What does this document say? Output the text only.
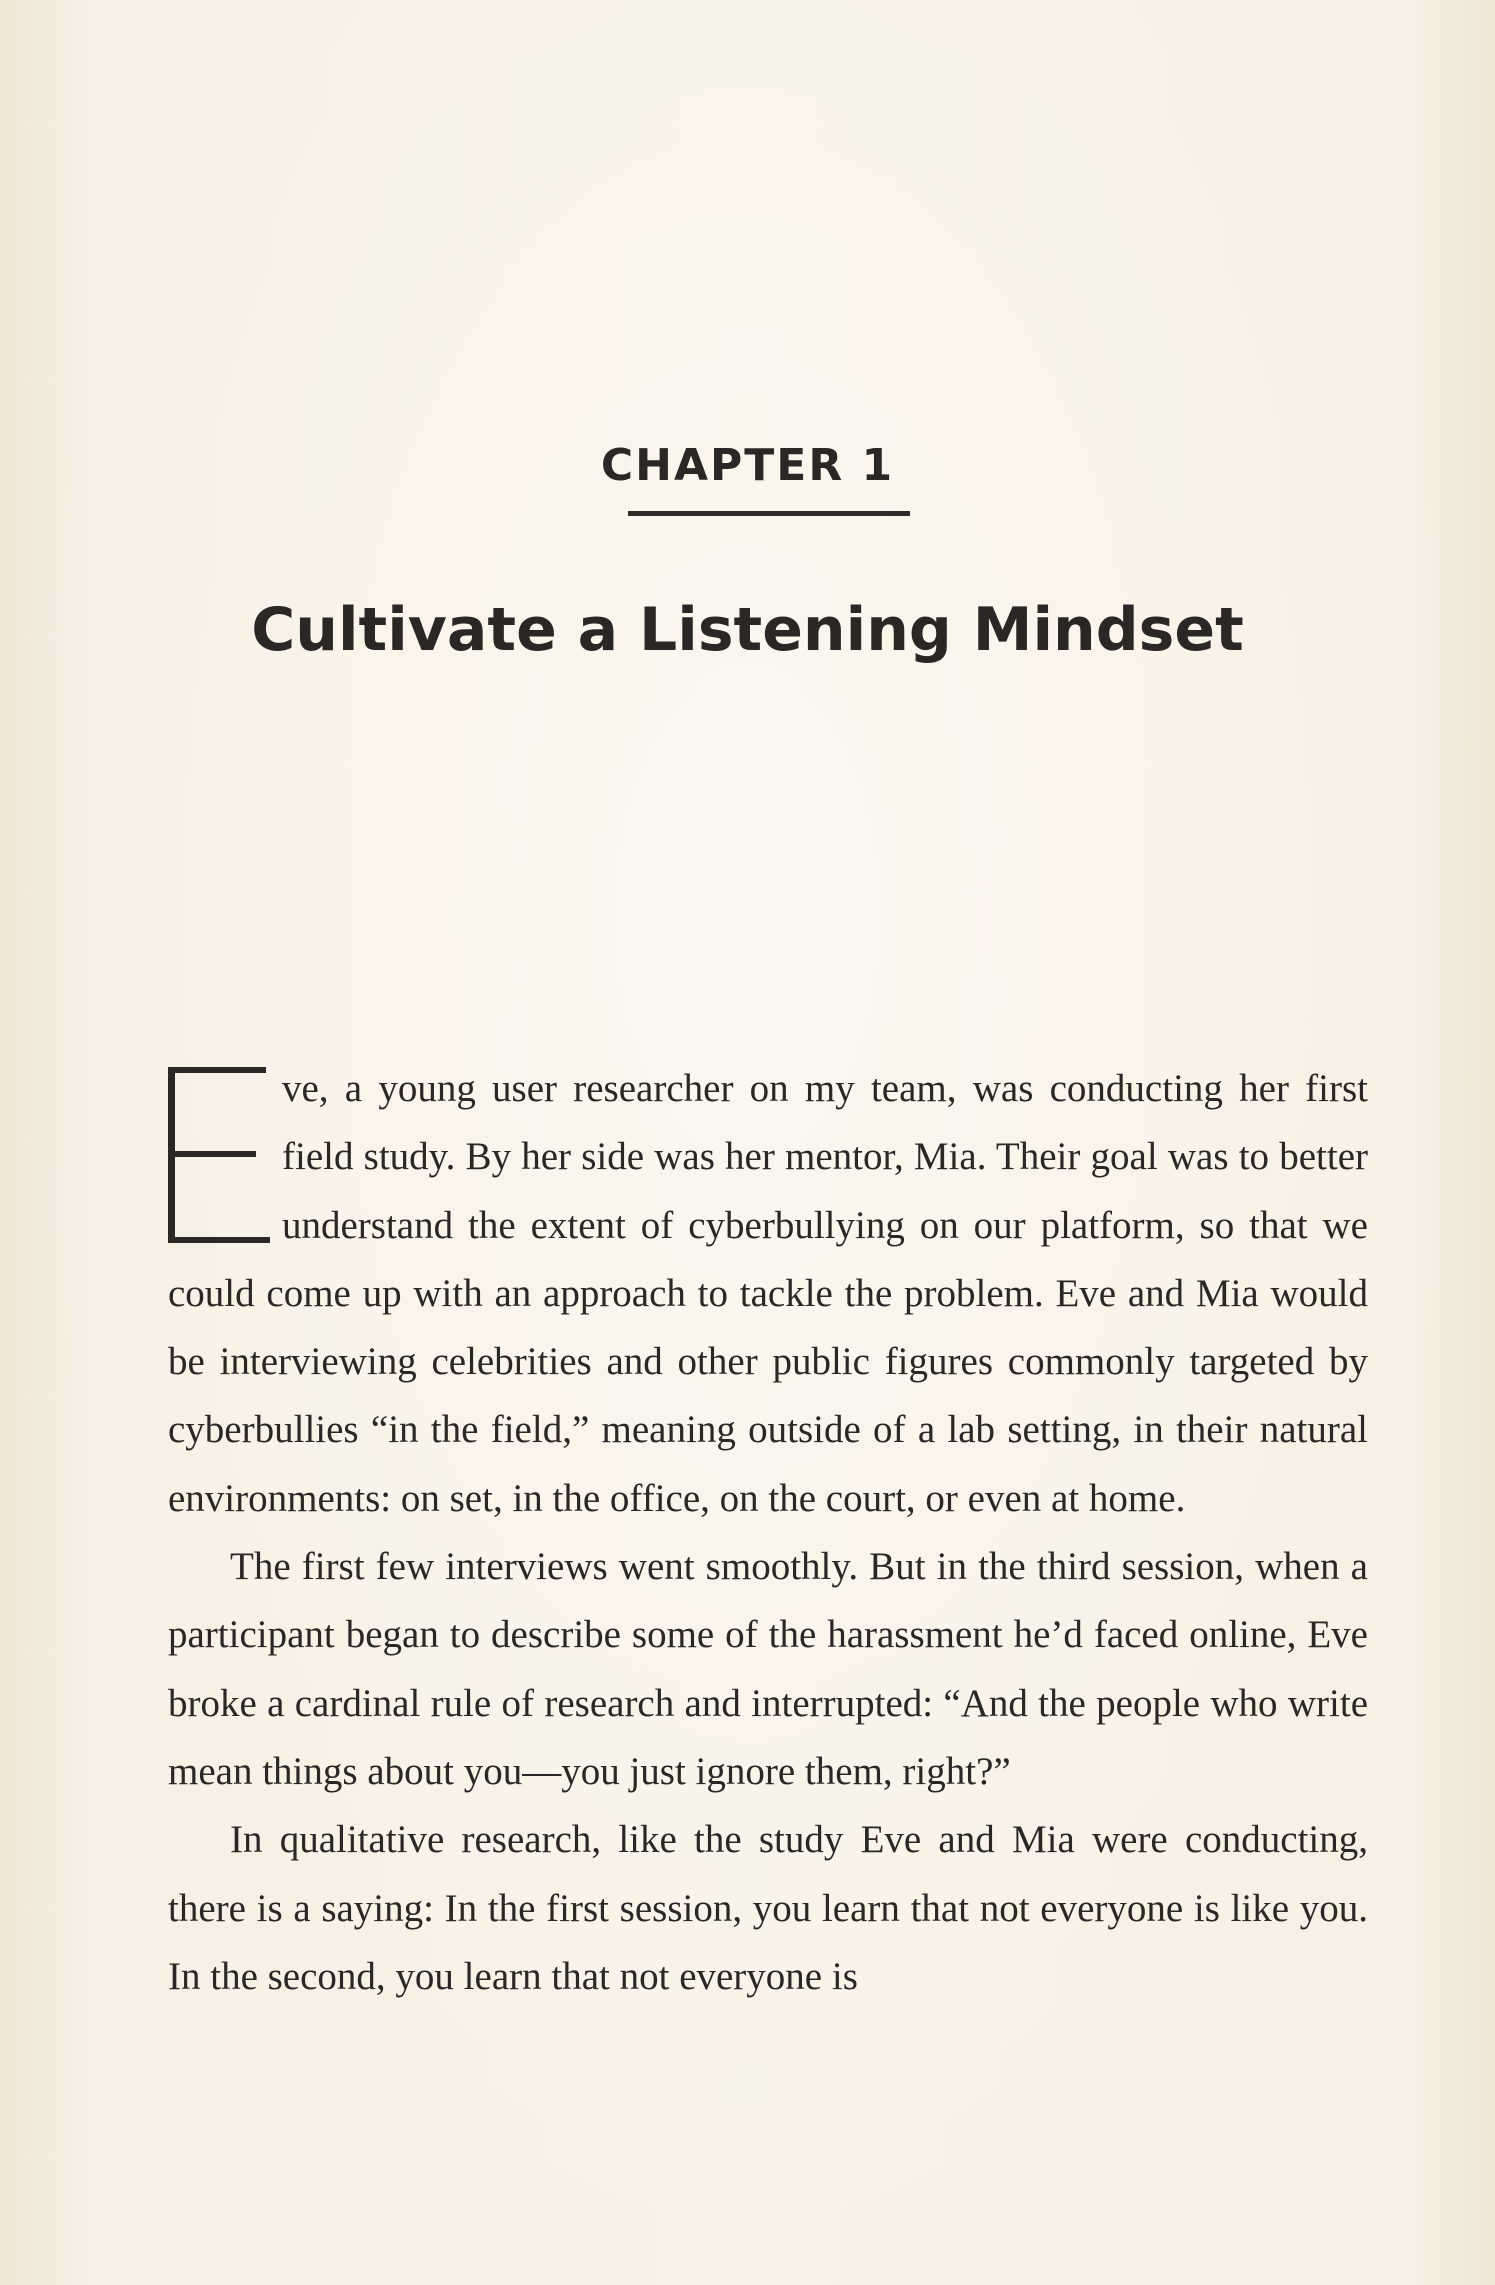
CHAPTER 1
Cultivate a Listening Mindset

ve, a young user researcher on my team, was conducting her first field study. By her side was her mentor, Mia. Their goal was to better understand the extent of cyberbullying on our platform, so that we could come up with an approach to tackle the problem. Eve and Mia would be interviewing celebrities and other public figures commonly targeted by cyberbullies “in the field,” meaning outside of a lab setting, in their natural environments: on set, in the office, on the court, or even at home.

The first few interviews went smoothly. But in the third session, when a participant began to describe some of the harassment he’d faced online, Eve broke a cardinal rule of research and interrupted: “And the people who write mean things about you—you just ignore them, right?”

In qualitative research, like the study Eve and Mia were conducting, there is a saying: In the first session, you learn that not everyone is like you. In the second, you learn that not everyone is
